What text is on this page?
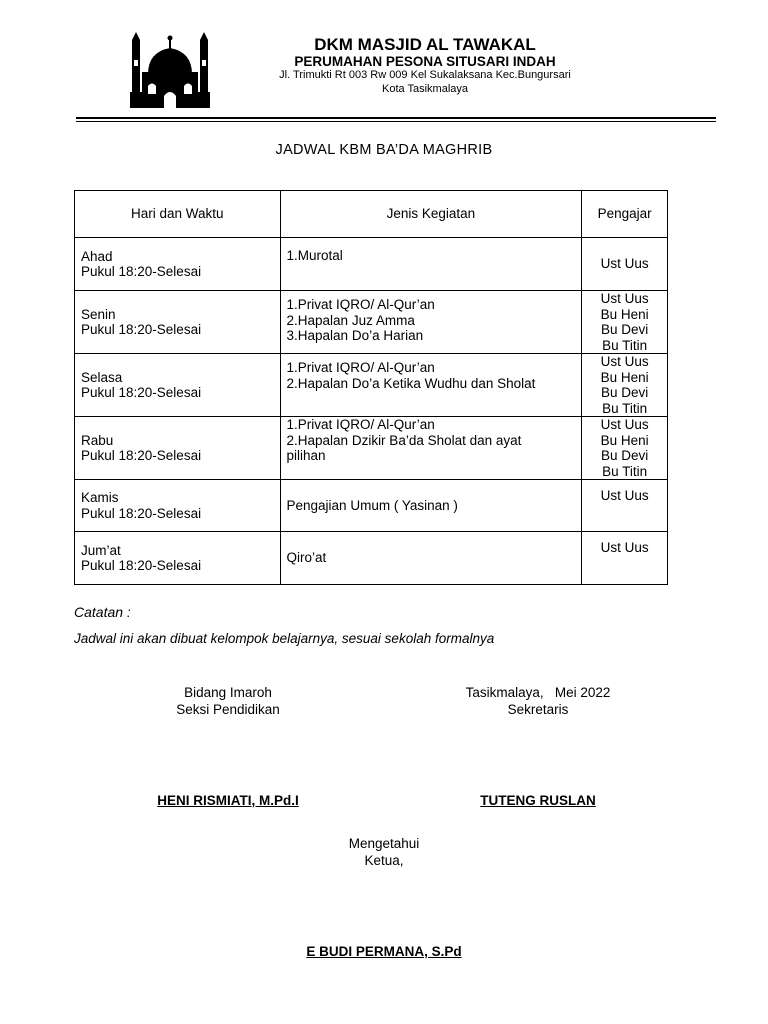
DKM MASJID AL TAWAKAL
PERUMAHAN PESONA SITUSARI INDAH
Jl. Trimukti Rt 003 Rw 009 Kel Sukalaksana Kec.Bungursari
Kota Tasikmalaya
JADWAL KBM BA’DA MAGHRIB
Hari dan Waktu	Jenis Kegiatan	Pengajar

Ahad
Pukul 18:20-Selesai	1.Murotal	Ust Uus

Senin
Pukul 18:20-Selesai	1.Privat IQRO/ Al-Qur’an
2.Hapalan Juz Amma
3.Hapalan Do’a Harian	Ust Uus
Bu Heni
Bu Devi
Bu Titin

Selasa
Pukul 18:20-Selesai	1.Privat IQRO/ Al-Qur’an
2.Hapalan Do’a Ketika Wudhu dan Sholat	Ust Uus
Bu Heni
Bu Devi
Bu Titin

Rabu
Pukul 18:20-Selesai	1.Privat IQRO/ Al-Qur’an
2.Hapalan Dzikir Ba’da Sholat dan ayat
pilihan	Ust Uus
Bu Heni
Bu Devi
Bu Titin

Kamis
Pukul 18:20-Selesai	Pengajian Umum ( Yasinan )	Ust Uus

Jum’at
Pukul 18:20-Selesai	Qiro’at	Ust Uus
Catatan :
Jadwal ini akan dibuat kelompok belajarnya, sesuai sekolah formalnya
Bidang Imaroh
Seksi Pendidikan
Tasikmalaya,   Mei 2022
Sekretaris
HENI RISMIATI, M.Pd.I	TUTENG RUSLAN
Mengetahui
Ketua,
E BUDI PERMANA, S.Pd
